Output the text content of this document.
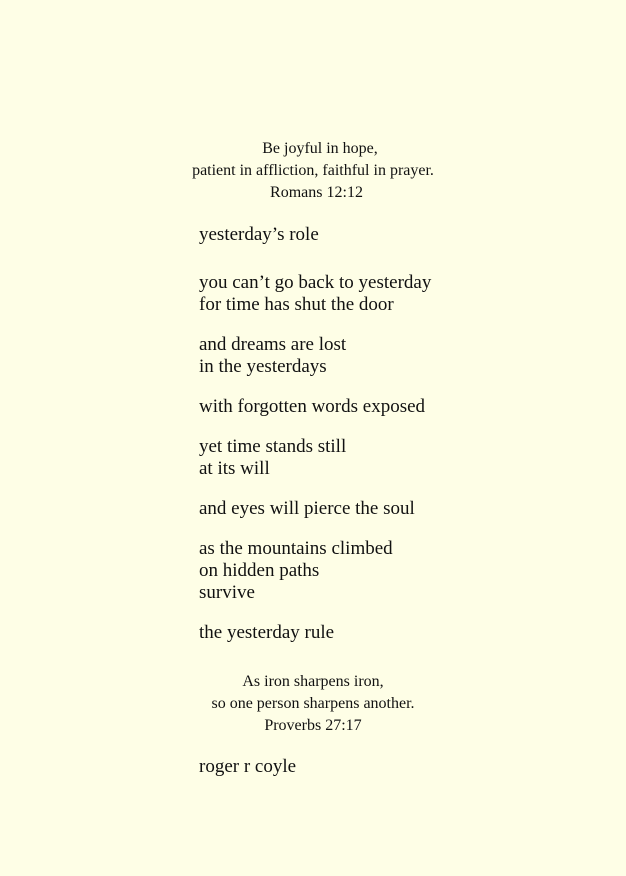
Be joyful in hope,
patient in affliction, faithful in prayer.
Romans 12:12
yesterday’s role
you can’t go back to yesterday
for time has shut the door
and dreams are lost
in the yesterdays
with forgotten words exposed
yet time stands still
at its will
and eyes will pierce the soul
as the mountains climbed
on hidden paths
survive
the yesterday rule
As iron sharpens iron,
so one person sharpens another.
Proverbs 27:17
roger r coyle
